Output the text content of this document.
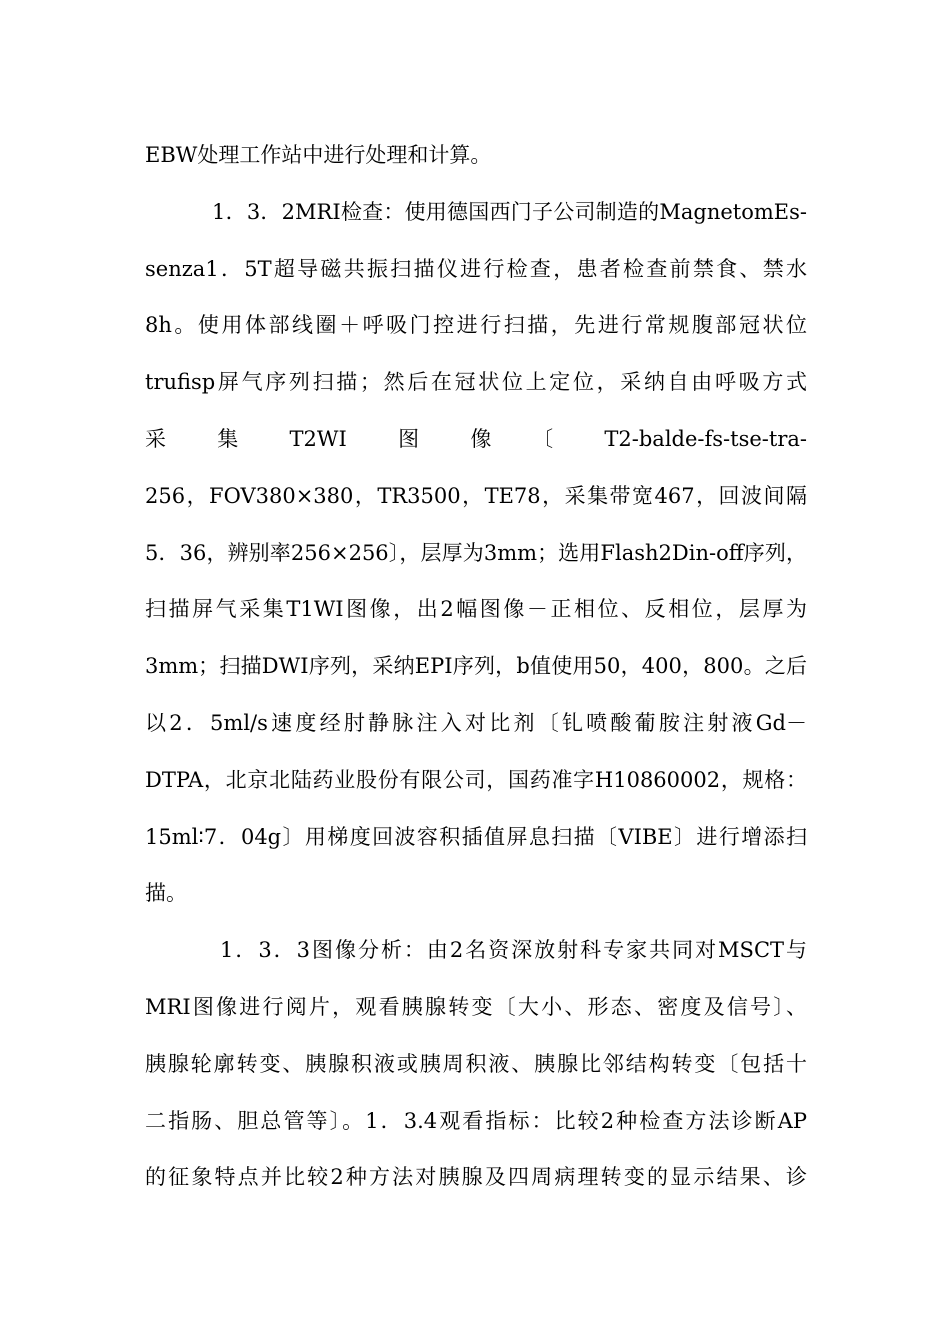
EBW处理工作站中进行处理和计算。
1．3．2MRI检查：使用德国西门子公司制造的MagnetomEs-
senza1．5T超导磁共振扫描仪进行检查，患者检查前禁食、禁水
8h。使用体部线圈＋呼吸门控进行扫描，先进行常规腹部冠状位
trufisp屏气序列扫描；然后在冠状位上定位，采纳自由呼吸方式
采　集　T2WI　图　像　〔　T2-balde-fs-tse-tra-
256，FOV380×380，TR3500，TE78，采集带宽467，回波间隔
5．36，辨别率256×256〕，层厚为3mm；选用Flash2Din-off序列，
扫描屏气采集T1WI图像，出2幅图像－正相位、反相位，层厚为
3mm；扫描DWI序列，采纳EPI序列，b值使用50，400，800。之后
以2．5ml/s速度经肘静脉注入对比剂〔钆喷酸葡胺注射液Gd－
DTPA，北京北陆药业股份有限公司，国药准字H10860002，规格：
15ml∶7．04g〕用梯度回波容积插值屏息扫描〔VIBE〕进行增添扫
描。
1．3．3图像分析：由2名资深放射科专家共同对MSCT与
MRI图像进行阅片，观看胰腺转变〔大小、形态、密度及信号〕、
胰腺轮廓转变、胰腺积液或胰周积液、胰腺比邻结构转变〔包括十
二指肠、胆总管等〕。1．3.4观看指标：比较2种检查方法诊断AP
的征象特点并比较2种方法对胰腺及四周病理转变的显示结果、诊
